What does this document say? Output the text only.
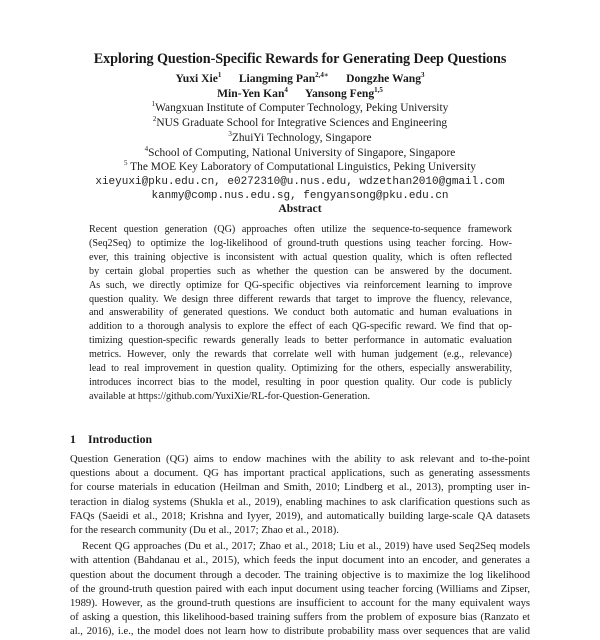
Exploring Question-Specific Rewards for Generating Deep Questions
Yuxi Xie$^1$ Liangming Pan$^{2,4∗}$ Dongzhe Wang$^3$
Min-Yen Kan$^4$ Yansong Feng$^{1,5}$
$^1$Wangxuan Institute of Computer Technology, Peking University
$^2$NUS Graduate School for Integrative Sciences and Engineering
$^3$ZhuiYi Technology, Singapore
$^4$School of Computing, National University of Singapore, Singapore
$^5$ The MOE Key Laboratory of Computational Linguistics, Peking University
xieyuxi@pku.edu.cn, e0272310@u.nus.edu, wdzethan2010@gmail.com
kanmy@comp.nus.edu.sg, fengyansong@pku.edu.cn
Abstract
Recent question generation (QG) approaches often utilize the sequence-to-sequence framework
(Seq2Seq) to optimize the log-likelihood of ground-truth questions using teacher forcing. How-
ever, this training objective is inconsistent with actual question quality, which is often reflected
by certain global properties such as whether the question can be answered by the document.
As such, we directly optimize for QG-specific objectives via reinforcement learning to improve
question quality. We design three different rewards that target to improve the fluency, relevance,
and answerability of generated questions. We conduct both automatic and human evaluations in
addition to a thorough analysis to explore the effect of each QG-specific reward. We find that op-
timizing question-specific rewards generally leads to better performance in automatic evaluation
metrics. However, only the rewards that correlate well with human judgement (e.g., relevance)
lead to real improvement in question quality. Optimizing for the others, especially answerability,
introduces incorrect bias to the model, resulting in poor question quality. Our code is publicly
available at https://github.com/YuxiXie/RL-for-Question-Generation.
1 Introduction
Question Generation (QG) aims to endow machines with the ability to ask relevant and to-the-point
questions about a document. QG has important practical applications, such as generating assessments
for course materials in education (Heilman and Smith, 2010; Lindberg et al., 2013), prompting user in-
teraction in dialog systems (Shukla et al., 2019), enabling machines to ask clarification questions such as
FAQs (Saeidi et al., 2018; Krishna and Iyyer, 2019), and automatically building large-scale QA datasets
for the research community (Du et al., 2017; Zhao et al., 2018).
Recent QG approaches (Du et al., 2017; Zhao et al., 2018; Liu et al., 2019) have used Seq2Seq models
with attention (Bahdanau et al., 2015), which feeds the input document into an encoder, and generates a
question about the document through a decoder. The training objective is to maximize the log likelihood
of the ground-truth question paired with each input document using teacher forcing (Williams and Zipser,
1989). However, as the ground-truth questions are insufficient to account for the many equivalent ways
of asking a question, this likelihood-based training suffers from the problem of exposure bias (Ranzato et
al., 2016), i.e., the model does not learn how to distribute probability mass over sequences that are valid
